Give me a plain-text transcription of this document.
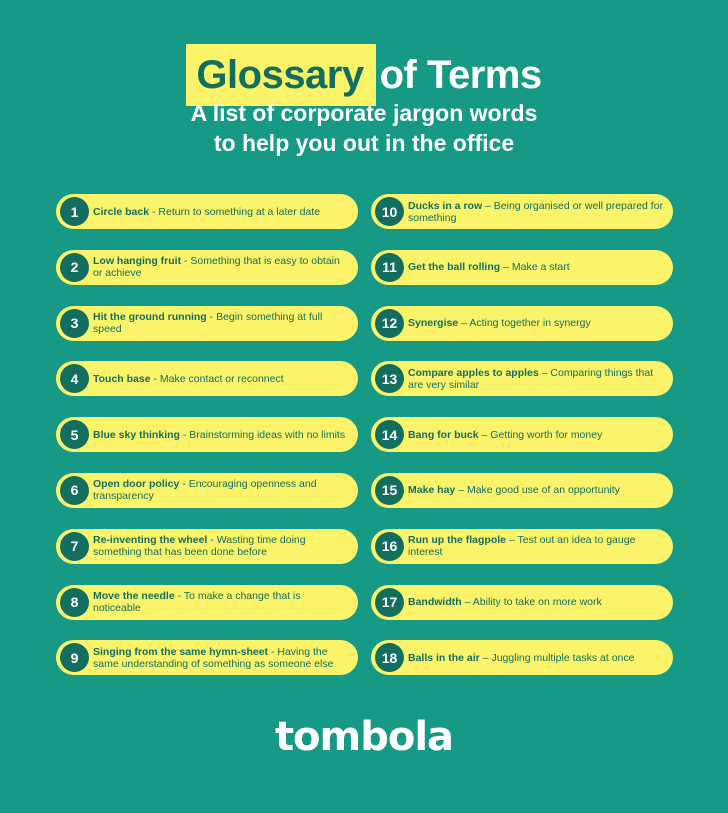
Glossary of Terms
A list of corporate jargon words
to help you out in the office
1	Circle back - Return to something at a later date

2	Low hanging fruit - Something that is easy to obtain or achieve

3	Hit the ground running - Begin something at full speed

4	Touch base - Make contact or reconnect

5	Blue sky thinking - Brainstorming ideas with no limits

6	Open door policy - Encouraging openness and transparency

7	Re-inventing the wheel - Wasting time doing something that has been done before

8	Move the needle - To make a change that is noticeable

9	Singing from the same hymn-sheet - Having the same understanding of something as someone else

10	Ducks in a row – Being organised or well prepared for something

11	Get the ball rolling – Make a start

12	Synergise – Acting together in synergy

13	Compare apples to apples – Comparing things that are very similar

14	Bang for buck – Getting worth for money

15	Make hay – Make good use of an opportunity

16	Run up the flagpole – Test out an idea to gauge interest

17	Bandwidth – Ability to take on more work

18	Balls in the air – Juggling multiple tasks at once

tombola
